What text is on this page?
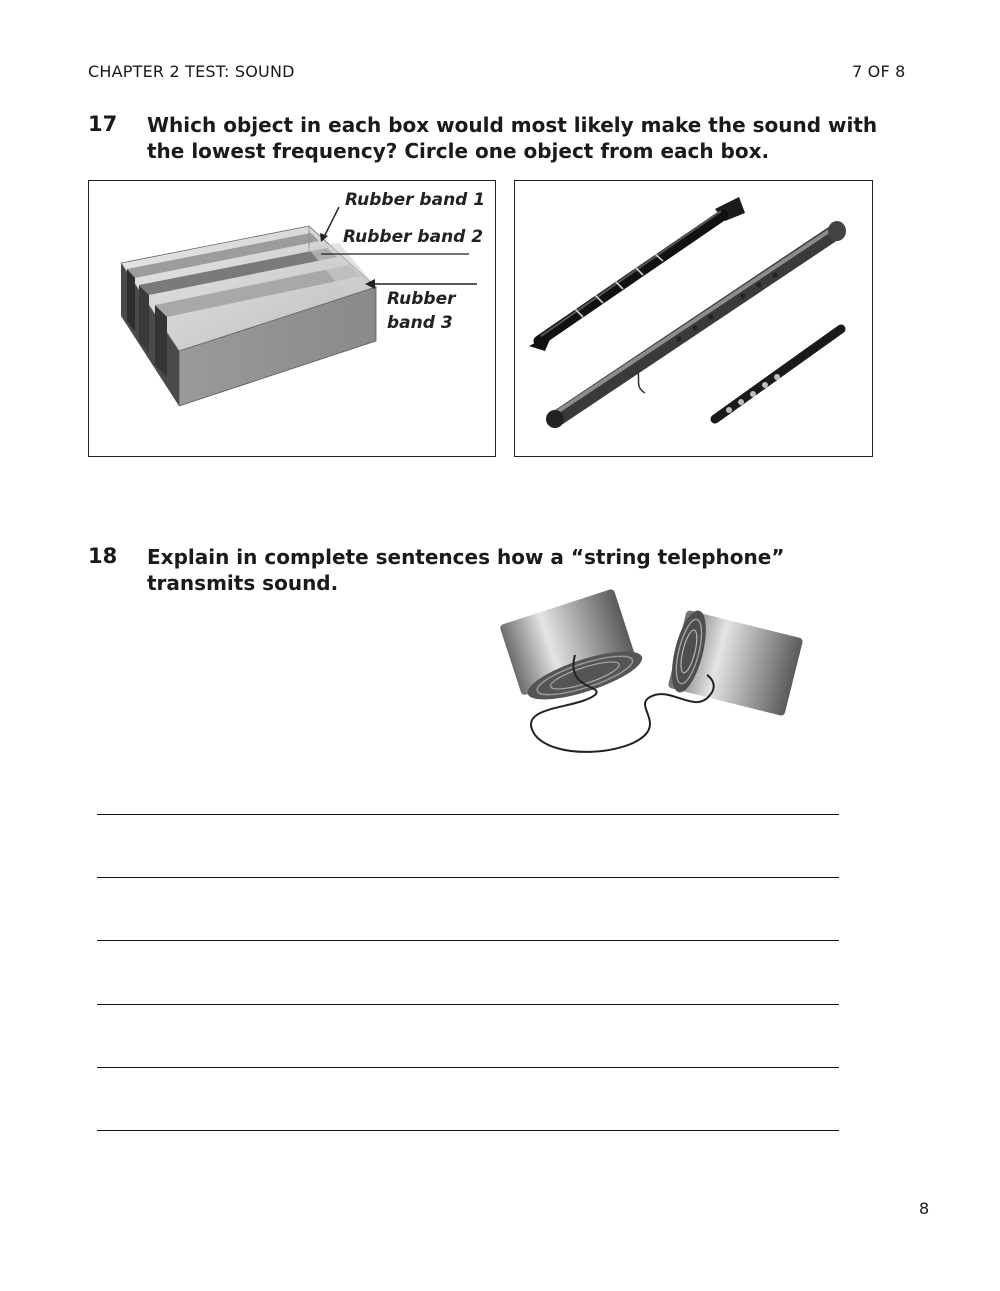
CHAPTER 2 TEST: SOUND	7 OF 8
17 Which object in each box would most likely make the sound with
the lowest frequency? Circle one object from each box.
Rubber band 1
Rubber band 2
Rubber
band 3
18 Explain in complete sentences how a “string telephone”
transmits sound.
8
